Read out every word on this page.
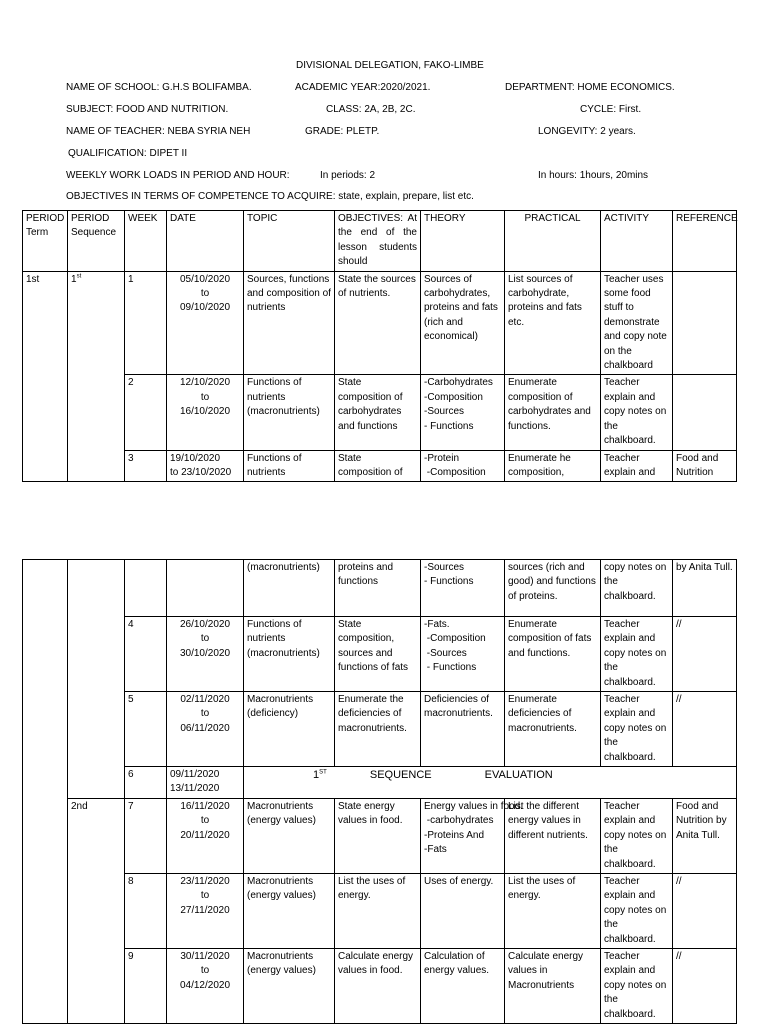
DIVISIONAL DELEGATION, FAKO-LIMBE
NAME OF SCHOOL: G.H.S BOLIFAMBA.	ACADEMIC YEAR:2020/2021.	DEPARTMENT: HOME ECONOMICS.
SUBJECT: FOOD AND NUTRITION.	CLASS: 2A, 2B, 2C.	CYCLE: First.
NAME OF TEACHER: NEBA SYRIA NEH	GRADE: PLETP.	LONGEVITY: 2 years.
QUALIFICATION: DIPET II
WEEKLY WORK LOADS IN PERIOD AND HOUR:	In periods: 2	In hours: 1hours, 20mins
OBJECTIVES IN TERMS OF COMPETENCE TO ACQUIRE: state, explain, prepare, list etc.
PERIOD
Term	PERIOD
Sequence	WEEK	DATE	TOPIC	OBJECTIVES: At the end of the lesson students should	THEORY	PRACTICAL	ACTIVITY	REFERENCE
1st	1st	1	05/10/2020
to
09/10/2020	Sources, functions and composition of nutrients	State the sources of nutrients.	Sources of carbohydrates, proteins and fats (rich and economical)	List sources of carbohydrate, proteins and fats etc.	Teacher uses some food stuff to demonstrate and copy note on the chalkboard	
		2	12/10/2020
to
16/10/2020	Functions of nutrients (macronutrients)	State composition of carbohydrates and functions	-Carbohydrates
-Composition
-Sources
- Functions	Enumerate composition of carbohydrates and functions.	Teacher explain and copy notes on the chalkboard.	
		3	19/10/2020
to 23/10/2020	Functions of nutrients	State composition of	-Protein
-Composition	Enumerate he composition,	Teacher explain and	Food and Nutrition
				(macronutrients)	proteins and functions	-Sources
- Functions	sources (rich and good) and functions of proteins.	copy notes on the chalkboard.	by Anita Tull.
		4	26/10/2020
to
30/10/2020	Functions of nutrients (macronutrients)	State composition, sources and functions of fats	-Fats.
-Composition
-Sources
- Functions	Enumerate composition of fats and functions.	Teacher explain and copy notes on the chalkboard.	//
		5	02/11/2020
to
06/11/2020	Macronutrients (deficiency)	Enumerate the deficiencies of macronutrients.	Deficiencies of macronutrients.	Enumerate deficiencies of macronutrients.	Teacher explain and copy notes on the chalkboard.	//
		6	09/11/2020
13/11/2020	1ST SEQUENCE EVALUATION					
	2nd	7	16/11/2020
to
20/11/2020	Macronutrients (energy values)	State energy values in food.	Energy values in food.
-carbohydrates
-Proteins And
-Fats	List the different energy values in different nutrients.	Teacher explain and copy notes on the chalkboard.	Food and Nutrition by Anita Tull.
		8	23/11/2020
to
27/11/2020	Macronutrients (energy values)	List the uses of energy.	Uses of energy.	List the uses of energy.	Teacher explain and copy notes on the chalkboard.	//
		9	30/11/2020
to
04/12/2020	Macronutrients (energy values)	Calculate energy values in food.	Calculation of energy values.	Calculate energy values in Macronutrients	Teacher explain and copy notes on the chalkboard.	//
